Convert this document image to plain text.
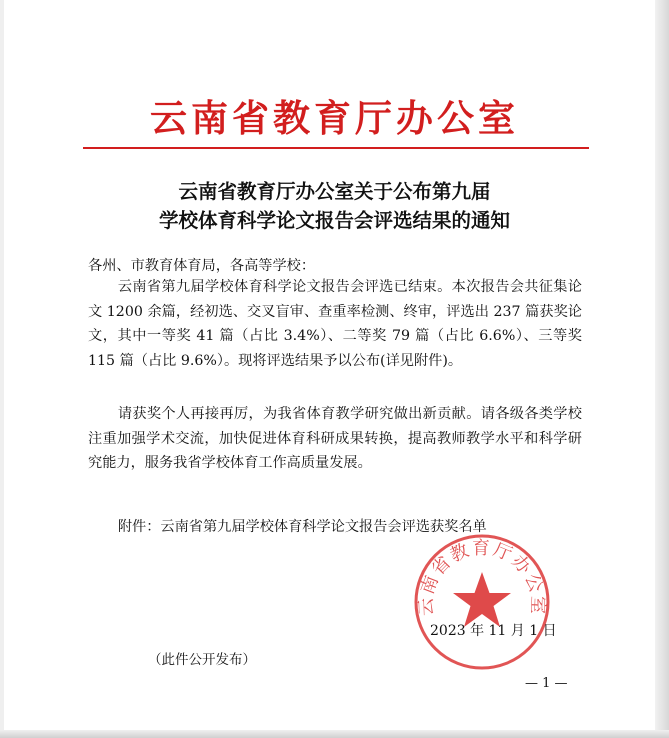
云南省教育厅办公室
云南省教育厅办公室关于公布第九届
学校体育科学论文报告会评选结果的通知
各州、市教育体育局，各高等学校：
云南省第九届学校体育科学论文报告会评选已结束。本次报告会共征集论文 1200 余篇，经初选、交叉盲审、查重率检测、终审，评选出 237 篇获奖论文，其中一等奖 41 篇（占比 3.4%）、二等奖 79 篇（占比 6.6%）、三等奖 115 篇（占比 9.6%）。现将评选结果予以公布(详见附件)。
请获奖个人再接再厉，为我省体育教学研究做出新贡献。请各级各类学校注重加强学术交流，加快促进体育科研成果转换，提高教师教学水平和科学研究能力，服务我省学校体育工作高质量发展。
附件：云南省第九届学校体育科学论文报告会评选获奖名单
云南省教育厅办公室
2023 年 11 月 1 日
（此件公开发布）
— 1 —
